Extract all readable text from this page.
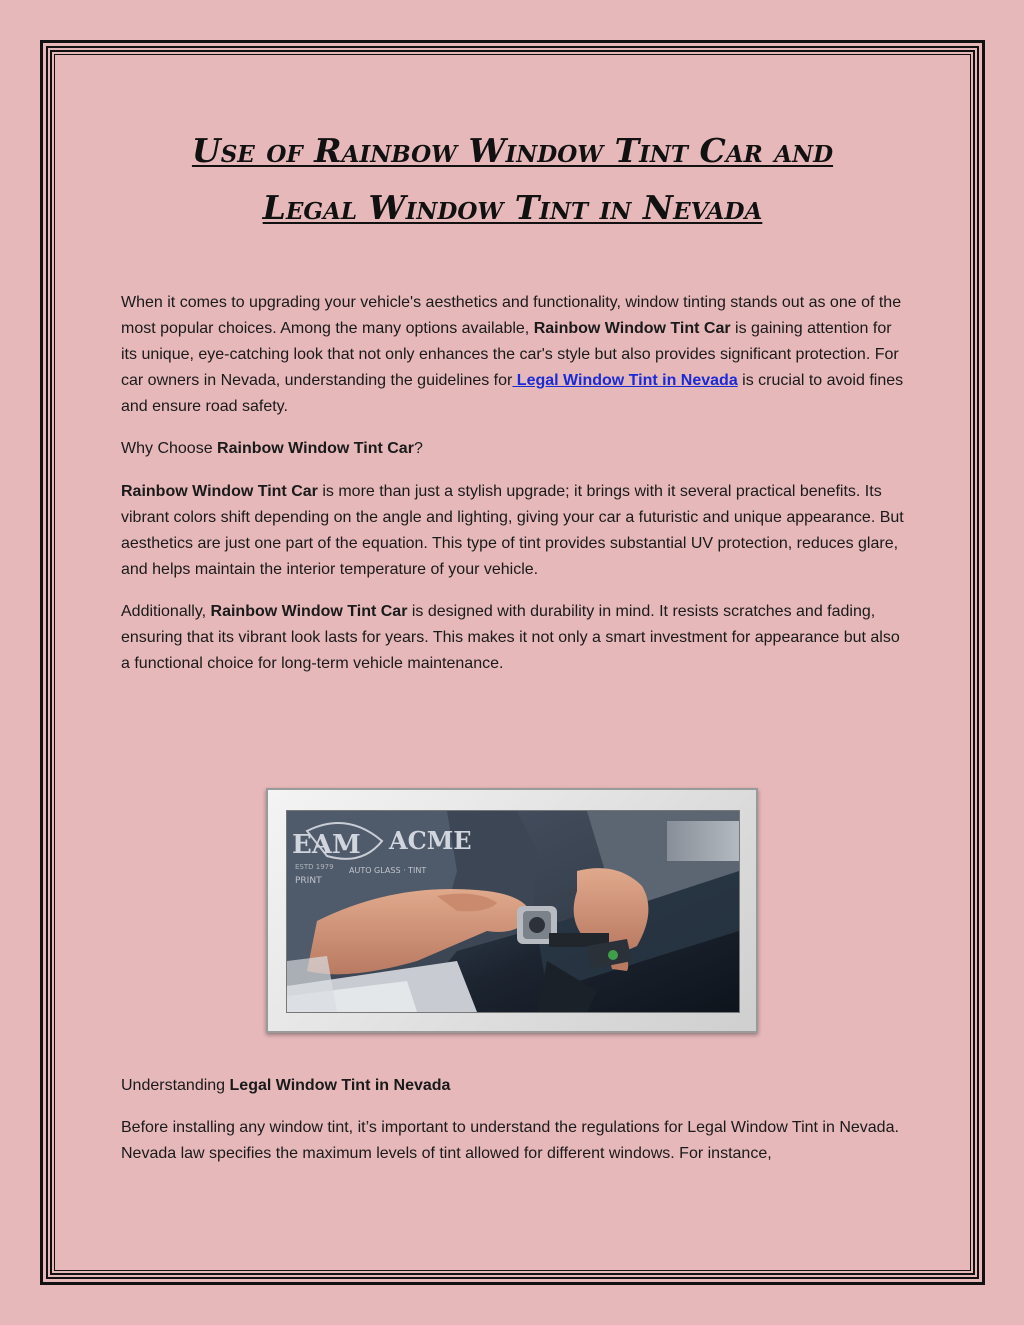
Use of Rainbow Window Tint Car and
Legal Window Tint in Nevada

When it comes to upgrading your vehicle's aesthetics and functionality, window tinting stands out as one of the most popular choices. Among the many options available, Rainbow Window Tint Car is gaining attention for its unique, eye-catching look that not only enhances the car's style but also provides significant protection. For car owners in Nevada, understanding the guidelines for Legal Window Tint in Nevada is crucial to avoid fines and ensure road safety.

Why Choose Rainbow Window Tint Car?

Rainbow Window Tint Car is more than just a stylish upgrade; it brings with it several practical benefits. Its vibrant colors shift depending on the angle and lighting, giving your car a futuristic and unique appearance. But aesthetics are just one part of the equation. This type of tint provides substantial UV protection, reduces glare, and helps maintain the interior temperature of your vehicle.

Additionally, Rainbow Window Tint Car is designed with durability in mind. It resists scratches and fading, ensuring that its vibrant look lasts for years. This makes it not only a smart investment for appearance but also a functional choice for long-term vehicle maintenance.

EAM ACME
AUTO GLASS · TINT
PRINT
ESTD 1979

Understanding Legal Window Tint in Nevada

Before installing any window tint, it’s important to understand the regulations for Legal Window Tint in Nevada. Nevada law specifies the maximum levels of tint allowed for different windows. For instance,
